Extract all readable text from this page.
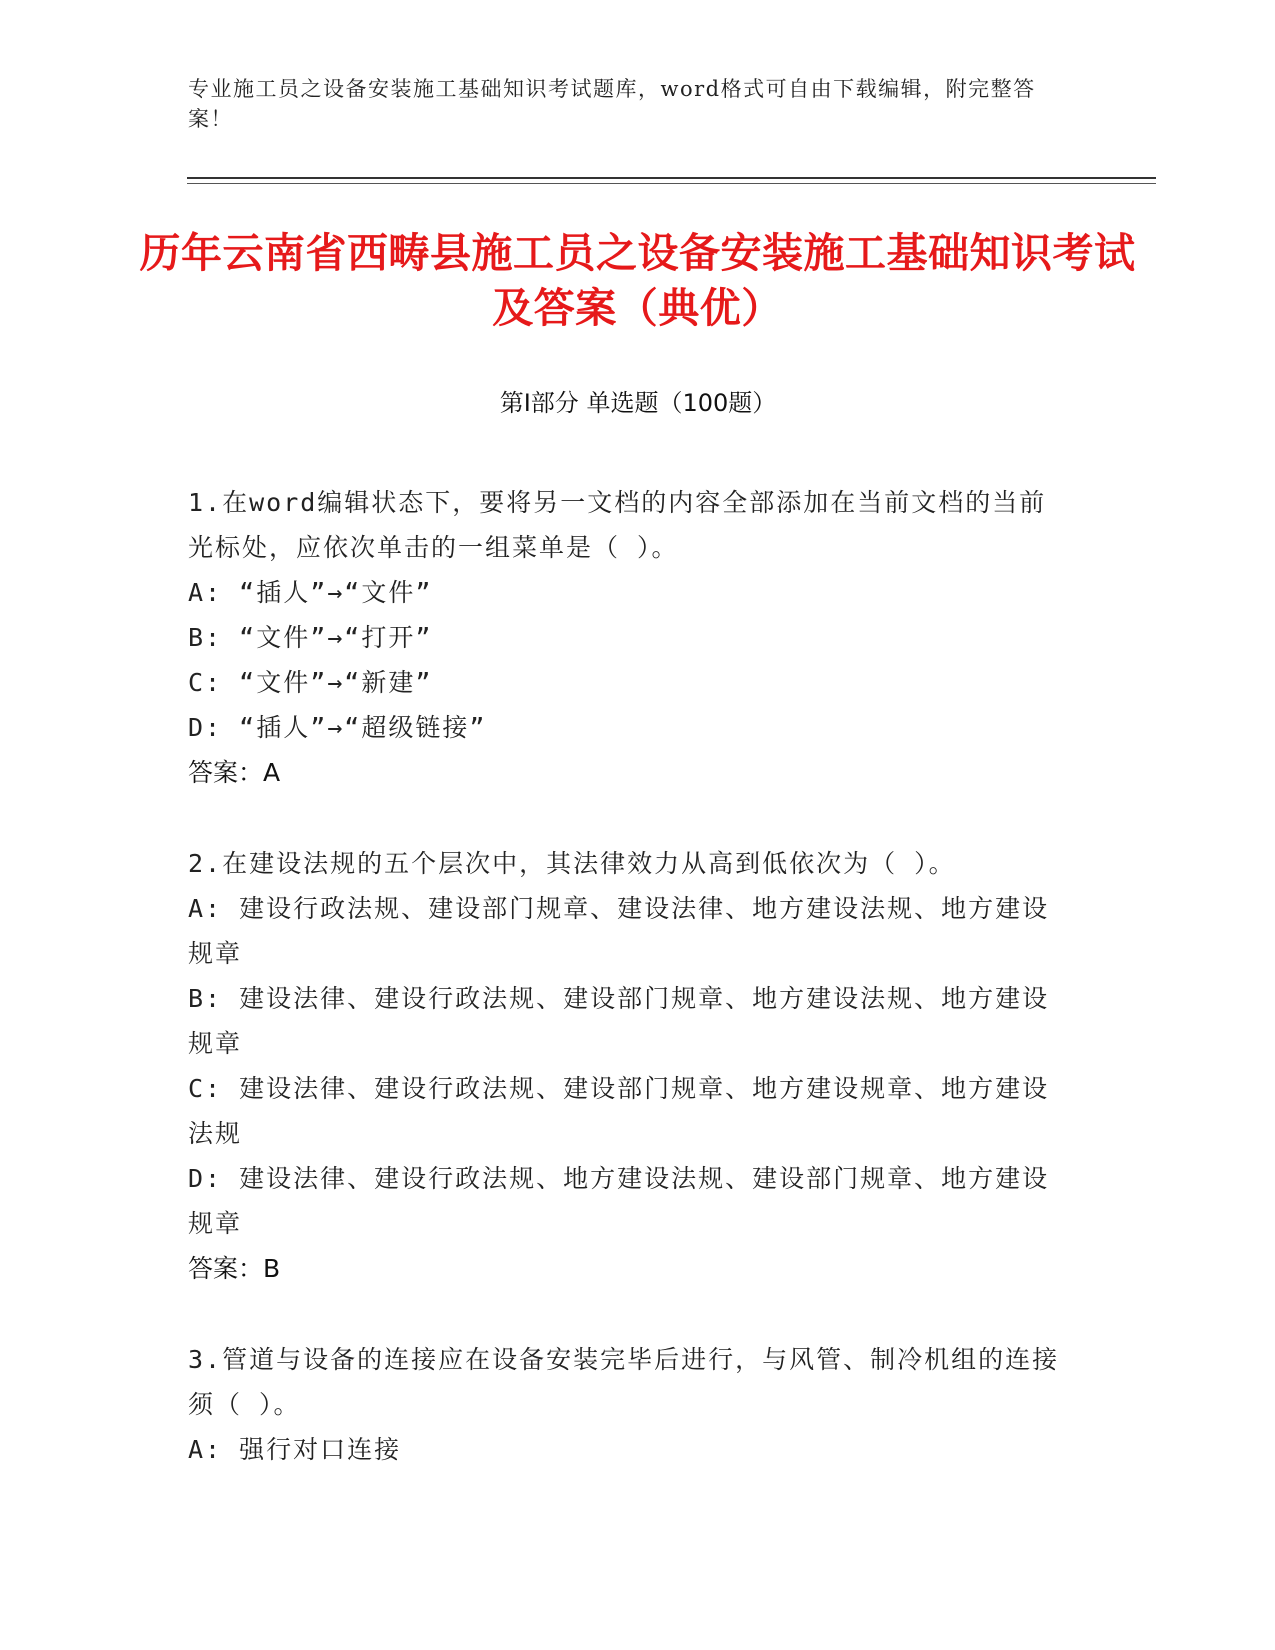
专业施工员之设备安装施工基础知识考试题库，word格式可自由下载编辑，附完整答案！
历年云南省西畴县施工员之设备安装施工基础知识考试及答案（典优）
第Ⅰ部分 单选题（100题）

1.在word编辑状态下，要将另一文档的内容全部添加在当前文档的当前光标处，应依次单击的一组菜单是（ ）。

A: “插人”→“文件”

B: “文件”→“打开”

C: “文件”→“新建”

D: “插人”→“超级链接”

答案：A

2.在建设法规的五个层次中，其法律效力从高到低依次为（ ）。

A: 建设行政法规、建设部门规章、建设法律、地方建设法规、地方建设规章

B: 建设法律、建设行政法规、建设部门规章、地方建设法规、地方建设规章

C: 建设法律、建设行政法规、建设部门规章、地方建设规章、地方建设法规

D: 建设法律、建设行政法规、地方建设法规、建设部门规章、地方建设规章

答案：B

3.管道与设备的连接应在设备安装完毕后进行，与风管、制冷机组的连接须（ ）。

A: 强行对口连接
